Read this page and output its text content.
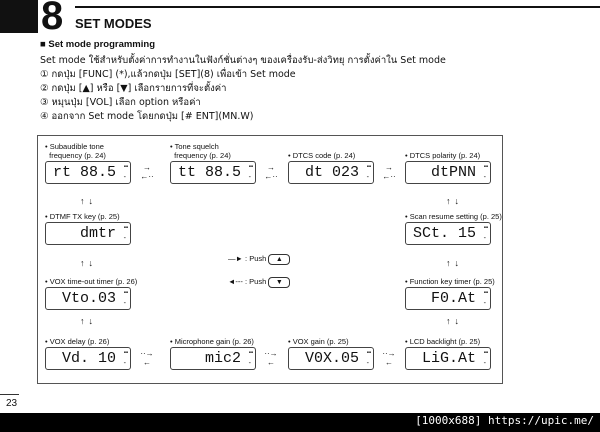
8 SET MODES
■ Set mode programming
Set mode ใช้สำหรับตั้งค่าการทำงานในฟังก์ชั่นต่างๆ ของเครื่องรับ-ส่งวิทยุ การตั้งค่าใน Set mode
① กดปุ่ม [FUNC] (*),แล้วกดปุ่ม [SET](8) เพื่อเข้า Set mode
② กดปุ่ม [▲] หรือ [▼] เลือกรายการที่จะตั้งค่า
③ หมุนปุ่ม [VOL] เลือก option หรือค่า
④ ออกจาก Set mode โดยกดปุ่ม [# ENT](MN.W)
• Subaudible tone
frequency (p. 24)
rt 88.5 ▪▪
-
• Tone squelch
frequency (p. 24)
tt 88.5 ▪▪
-
• DTCS code (p. 24)
dt 023 ▪▪
-
• DTCS polarity (p. 24)
dtPNN ▪▪
-
• DTMF TX key (p. 25)
dmtr ▪▪
-
• Scan resume setting (p. 25)
SCt. 15 ▪▪
-
• VOX time-out timer (p. 26)
Vto.03 ▪▪
-
• Function key timer (p. 25)
F0.At ▪▪
-
• VOX delay (p. 26)
Vd. 10 ▪▪
-
• Microphone gain (p. 26)
mic2 ▪▪
-
• VOX gain (p. 25)
V0X.05 ▪▪
-
• LCD backlight (p. 25)
LiG.At ▪▪
-
→
←··
→
←··
→
←··
··→
←
··→
←
··→
←
↑↓	↑↓
↑↓	↑↓
↑↓	↑↓
—► : Push ▲
◄--- : Push ▼
23
[1000x688] https://upic.me/
